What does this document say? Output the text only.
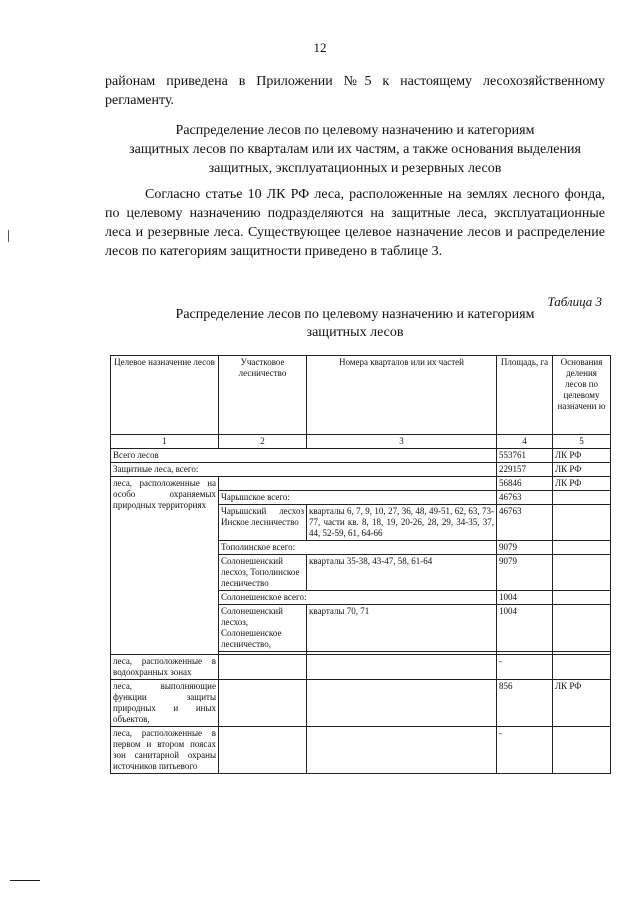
12
районам приведена в Приложении №5 к настоящему лесохозяйственному регламенту.
Распределение лесов по целевому назначению и категориям
защитных лесов по кварталам или их частям, а также основания выделения
защитных, эксплуатационных и резервных лесов
Согласно статье 10 ЛК РФ леса, расположенные на землях лесного фонда, по целевому назначению подразделяются на защитные леса, эксплуатационные леса и резервные леса. Существующее целевое назначение лесов и распределение лесов по категориям защитности приведено в таблице 3.
Таблица 3
Распределение лесов по целевому назначению и категориям
защитных лесов
Целевое назначение лесов	Участковое лесничество	Номера кварталов или их частей	Площадь, га	Основания деления лесов по целевому назначени ю
1	2	3	4	5
Всего лесов			553761	ЛК РФ
Защитные леса, всего:			229157	ЛК РФ
леса, расположенные на особо охраняемых природных территориях			56846	ЛК РФ
	Чарышское всего:		46763	
	Чарышский лесхоз Инское лесничество	кварталы 6, 7, 9, 10, 27, 36, 48, 49-51, 62, 63, 73-77, части кв. 8, 18, 19, 20-26, 28, 29, 34-35, 37, 44, 52-59, 61, 64-66	46763	
	Тополинское всего:		9079	
	Солонешенский лесхоз, Тополинское лесничество	кварталы 35-38, 43-47, 58, 61-64	9079	
	Солонешенское всего:		1004	
	Солонешенский лесхоз, Солонешенское лесничество,	кварталы 70, 71	1004	

леса, расположенные в водоохранных зонах			-	
леса, выполняющие функции защиты природных и иных объектов,			856	ЛК РФ
леса, расположенные в первом и втором поясах зон санитарной охраны источников питьевого			-	
